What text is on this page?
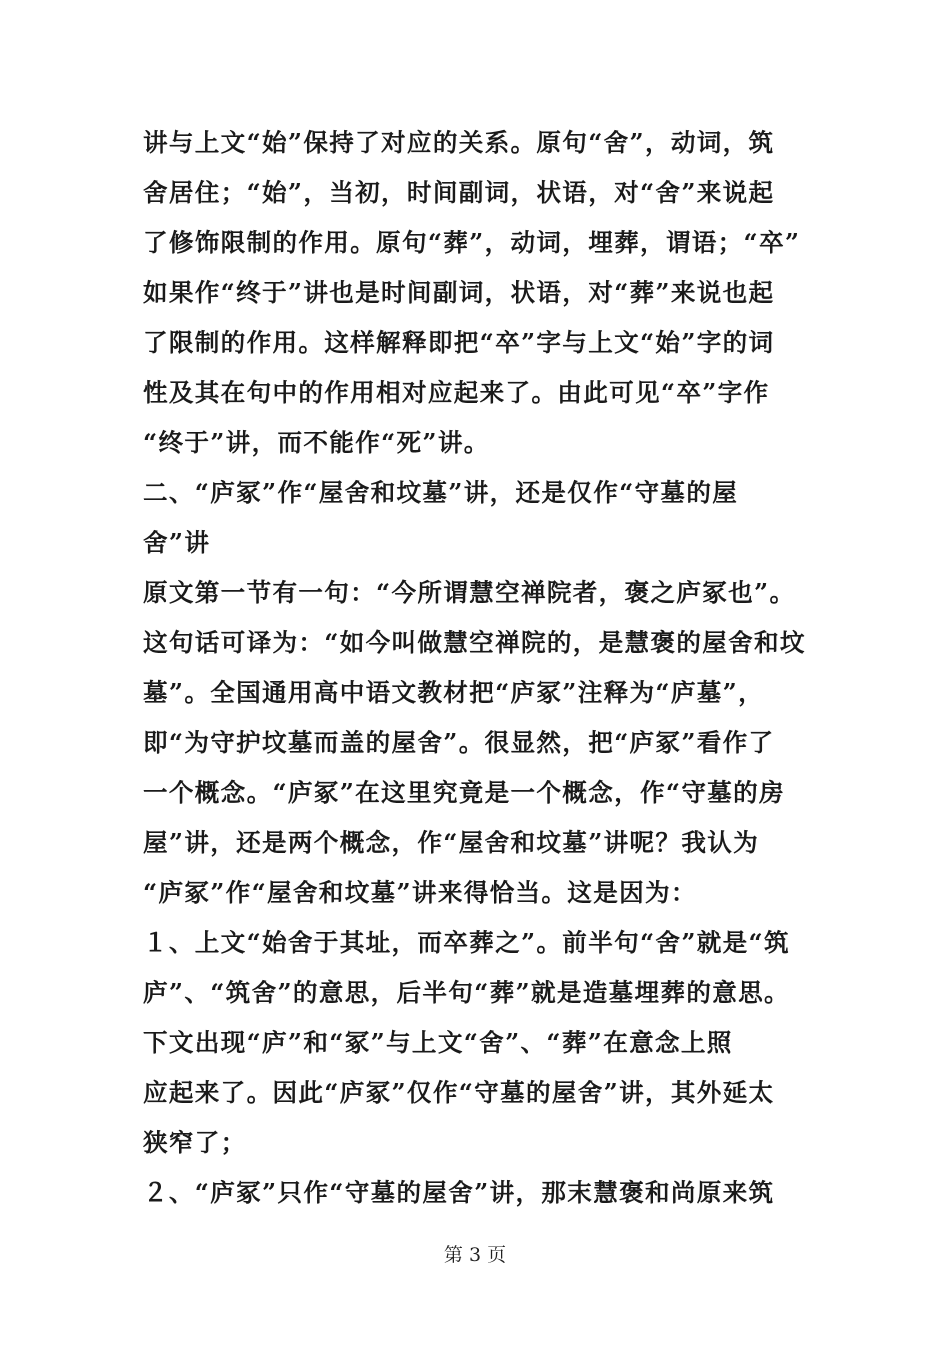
讲与上文“始”保持了对应的关系。原句“舍”，动词，筑
舍居住；“始”，当初，时间副词，状语，对“舍”来说起
了修饰限制的作用。原句“葬”，动词，埋葬，谓语；“卒”
如果作“终于”讲也是时间副词，状语，对“葬”来说也起
了限制的作用。这样解释即把“卒”字与上文“始”字的词
性及其在句中的作用相对应起来了。由此可见“卒”字作
“终于”讲，而不能作“死”讲。
二、“庐冢”作“屋舍和坟墓”讲，还是仅作“守墓的屋
舍”讲
原文第一节有一句：“今所谓慧空禅院者，褒之庐冢也”。
这句话可译为：“如今叫做慧空禅院的，是慧褒的屋舍和坟
墓”。全国通用高中语文教材把“庐冢”注释为“庐墓”，
即“为守护坟墓而盖的屋舍”。很显然，把“庐冢”看作了
一个概念。“庐冢”在这里究竟是一个概念，作“守墓的房
屋”讲，还是两个概念，作“屋舍和坟墓”讲呢？我认为
“庐冢”作“屋舍和坟墓”讲来得恰当。这是因为：
１、上文“始舍于其址，而卒葬之”。前半句“舍”就是“筑
庐”、“筑舍”的意思，后半句“葬”就是造墓埋葬的意思。
下文出现“庐”和“冢”与上文“舍”、“葬”在意念上照
应起来了。因此“庐冢”仅作“守墓的屋舍”讲，其外延太
狭窄了；
２、“庐冢”只作“守墓的屋舍”讲，那末慧褒和尚原来筑
第 3 页
